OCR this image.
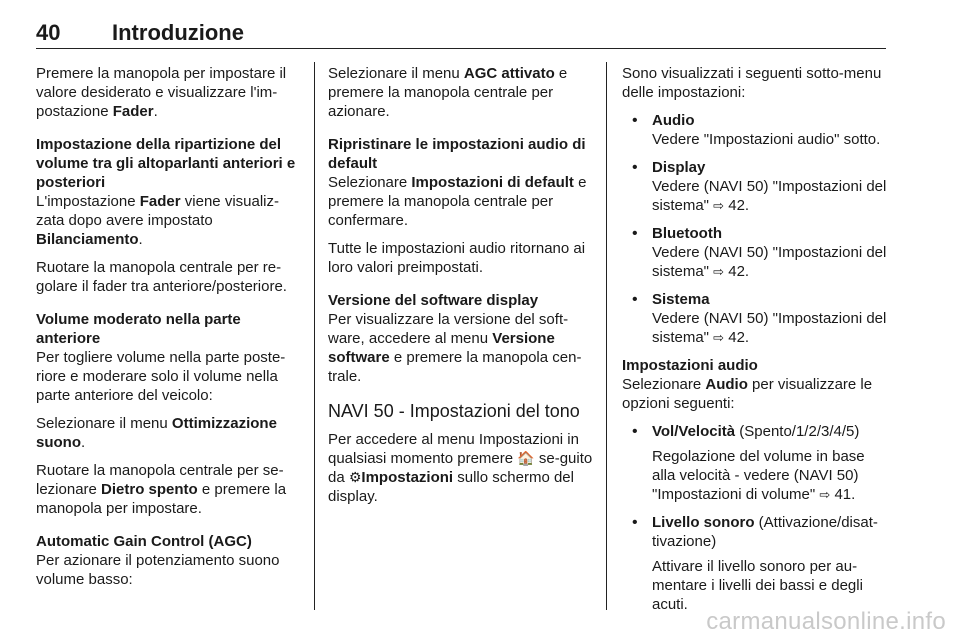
40 Introduzione

Premere la manopola per impostare il valore desiderato e visualizzare l'im-postazione Fader.

Impostazione della ripartizione del volume tra gli altoparlanti anteriori e posteriori

L'impostazione Fader viene visualiz-zata dopo avere impostato Bilanciamento.

Ruotare la manopola centrale per re-golare il fader tra anteriore/posteriore.

Volume moderato nella parte anteriore

Per togliere volume nella parte poste-riore e moderare solo il volume nella parte anteriore del veicolo:

Selezionare il menu Ottimizzazione suono.

Ruotare la manopola centrale per se-lezionare Dietro spento e premere la manopola per impostare.

Automatic Gain Control (AGC)

Per azionare il potenziamento suono volume basso:

Selezionare il menu AGC attivato e premere la manopola centrale per azionare.

Ripristinare le impostazioni audio di default

Selezionare Impostazioni di default e premere la manopola centrale per confermare.

Tutte le impostazioni audio ritornano ai loro valori preimpostati.

Versione del software display

Per visualizzare la versione del soft-ware, accedere al menu Versione software e premere la manopola cen-trale.

NAVI 50 - Impostazioni del tono

Per accedere al menu Impostazioni in qualsiasi momento premere 🏠 se-guito da ⚙Impostazioni sullo schermo del display.

Sono visualizzati i seguenti sotto-menu delle impostazioni:

• Audio
Vedere "Impostazioni audio" sotto.
• Display
Vedere (NAVI 50) "Impostazioni del sistema" ⇨ 42.
• Bluetooth
Vedere (NAVI 50) "Impostazioni del sistema" ⇨ 42.
• Sistema
Vedere (NAVI 50) "Impostazioni del sistema" ⇨ 42.
Impostazioni audio

Selezionare Audio per visualizzare le opzioni seguenti:

• Vol/Velocità (Spento/1/2/3/4/5)
Regolazione del volume in base alla velocità - vedere (NAVI 50) "Impostazioni di volume" ⇨ 41.
• Livello sonoro (Attivazione/disat-tivazione)
Attivare il livello sonoro per au-mentare i livelli dei bassi e degli acuti.
carmanualsonline.info
